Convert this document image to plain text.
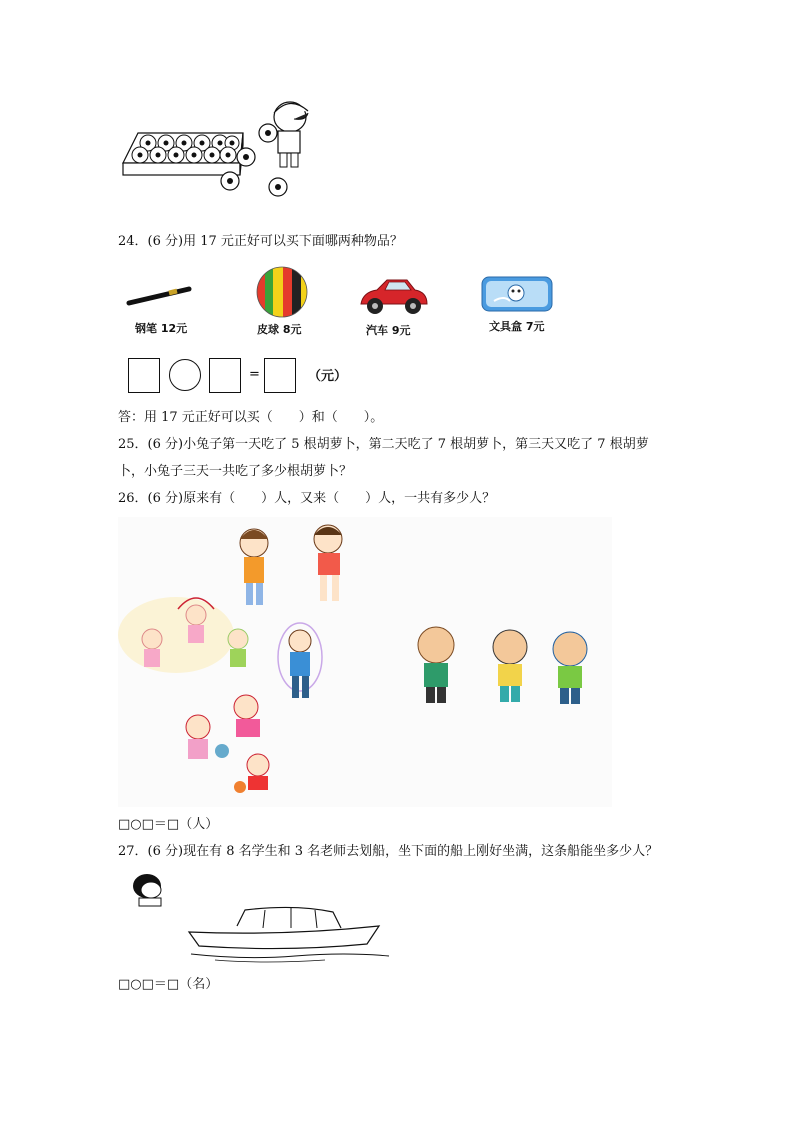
24．(6 分)用 17 元正好可以买下面哪两种物品？
钢笔 12元	皮球 8元	汽车 9元	文具盒 7元
=	（元）
答：用 17 元正好可以买（　　）和（　　）。
25．(6 分)小兔子第一天吃了 5 根胡萝卜，第二天吃了 7 根胡萝卜，第三天又吃了 7 根胡萝
卜，小兔子三天一共吃了多少根胡萝卜？
26．(6 分)原来有（　　）人，又来（　　）人，一共有多少人？
□○□＝□（人）
27．(6 分)现在有 8 名学生和 3 名老师去划船，坐下面的船上刚好坐满，这条船能坐多少人？
□○□＝□（名）
